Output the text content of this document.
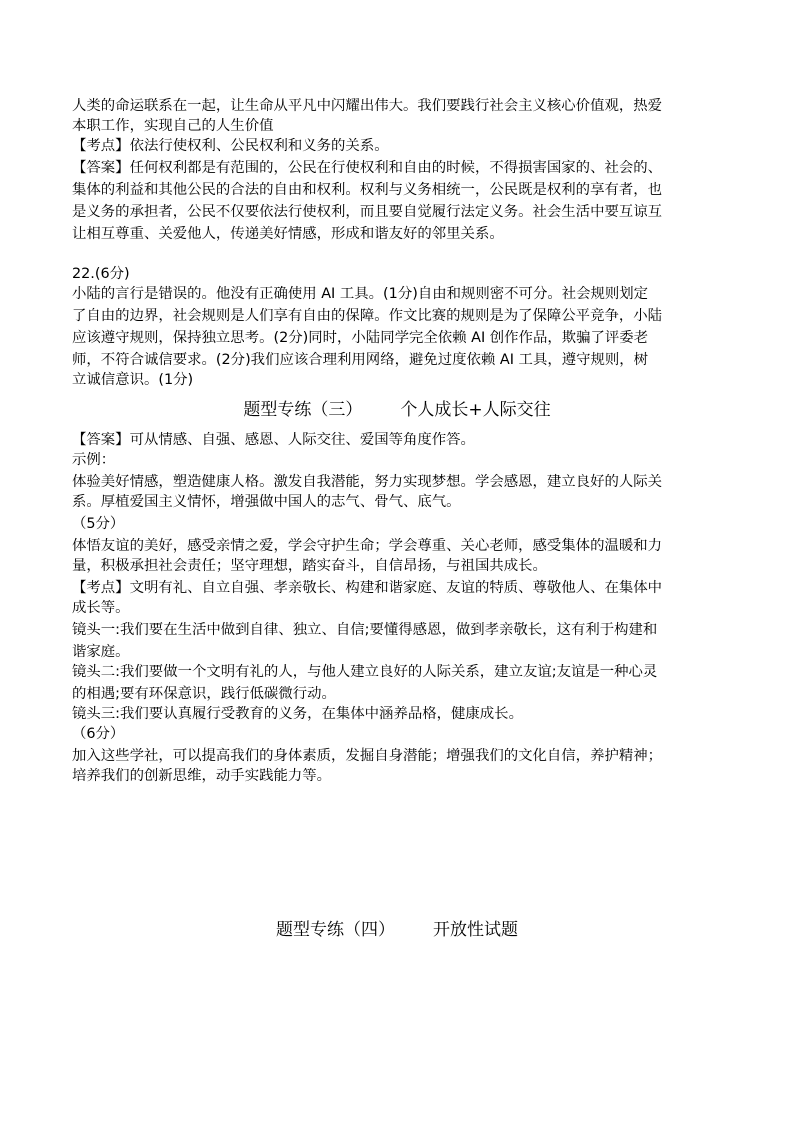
人类的命运联系在一起，让生命从平凡中闪耀出伟大。我们要践行社会主义核心价值观，热爱
本职工作，实现自己的人生价值
【考点】依法行使权利、公民权利和义务的关系。
【答案】任何权利都是有范围的，公民在行使权利和自由的时候，不得损害国家的、社会的、
集体的利益和其他公民的合法的自由和权利。权利与义务相统一，公民既是权利的享有者，也
是义务的承担者，公民不仅要依法行使权利，而且要自觉履行法定义务。社会生活中要互谅互
让相互尊重、关爱他人，传递美好情感，形成和谐友好的邻里关系。
22.(6分)
小陆的言行是错误的。他没有正确使用 AI 工具。(1分)自由和规则密不可分。社会规则划定
了自由的边界，社会规则是人们享有自由的保障。作文比赛的规则是为了保障公平竞争，小陆
应该遵守规则，保持独立思考。(2分)同时，小陆同学完全依赖 AI 创作作品，欺骗了评委老
师，不符合诚信要求。(2分)我们应该合理利用网络，避免过度依赖 AI 工具，遵守规则，树
立诚信意识。(1分)
题型专练（三） 个人成长+人际交往
【答案】可从情感、自强、感恩、人际交往、爱国等角度作答。
示例：
体验美好情感，塑造健康人格。激发自我潜能，努力实现梦想。学会感恩，建立良好的人际关
系。厚植爱国主义情怀，增强做中国人的志气、骨气、底气。
（5分）
体悟友谊的美好，感受亲情之爱，学会守护生命；学会尊重、关心老师，感受集体的温暖和力
量，积极承担社会责任；坚守理想，踏实奋斗，自信昂扬，与祖国共成长。
【考点】文明有礼、自立自强、孝亲敬长、构建和谐家庭、友谊的特质、尊敬他人、在集体中
成长等。
镜头一:我们要在生活中做到自律、独立、自信;要懂得感恩，做到孝亲敬长，这有利于构建和
谐家庭。
镜头二:我们要做一个文明有礼的人，与他人建立良好的人际关系，建立友谊;友谊是一种心灵
的相遇;要有环保意识，践行低碳微行动。
镜头三:我们要认真履行受教育的义务，在集体中涵养品格，健康成长。
（6分）
加入这些学社，可以提高我们的身体素质，发掘自身潜能；增强我们的文化自信，养护精神；
培养我们的创新思维，动手实践能力等。
题型专练（四） 开放性试题
